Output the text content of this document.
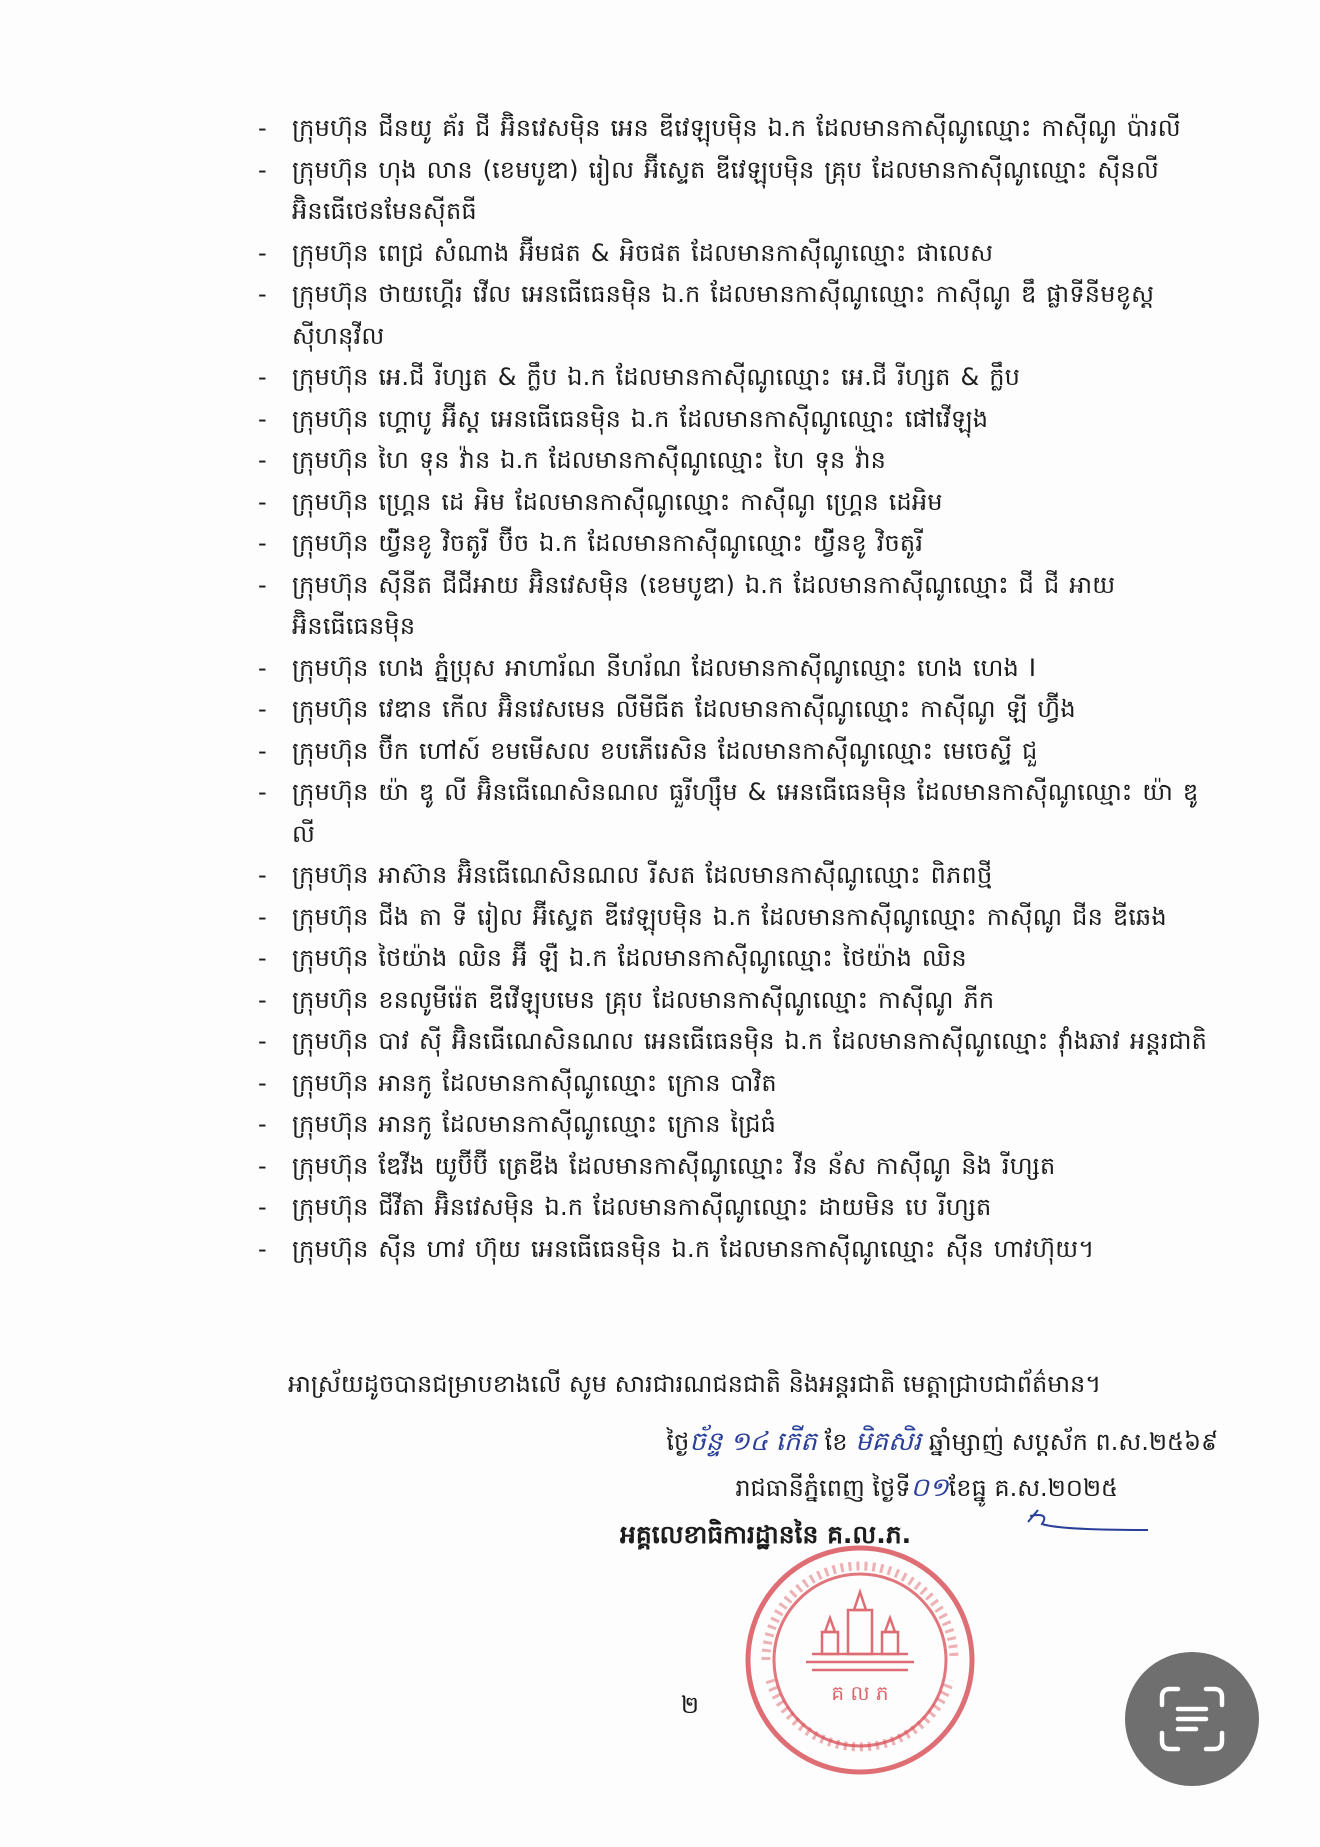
-	ក្រុមហ៊ុន ជីនយូ គ័រ ជី អ៊ិនវេសម៉ិន អេន ឌីវេឡុបម៉ិន ឯ.ក ដែលមានកាស៊ីណូឈ្មោះ កាស៊ីណូ ប៉ារលី
-	ក្រុមហ៊ុន ហុង លាន (ខេមបូឌា) រៀល អ៊ីស្ទេត ឌីវេឡុបម៉ិន គ្រុប ដែលមានកាស៊ីណូឈ្មោះ ស៊ីនលី អ៊ិនធើថេនមែនស៊ីតធី
-	ក្រុមហ៊ុន ពេជ្រ សំណាង អ៊ីមផត & អិចផត ដែលមានកាស៊ីណូឈ្មោះ ផាលេស
-	ក្រុមហ៊ុន ថាយហ្គើរ វើល អេនធើធេនម៉ិន ឯ.ក ដែលមានកាស៊ីណូឈ្មោះ កាស៊ីណូ ឌឹ ផ្លាទីនីមខូស្ត ស៊ីហនុវីល
-	ក្រុមហ៊ុន អេ.ជី រីហ្សត & ក្លឹប ឯ.ក ដែលមានកាស៊ីណូឈ្មោះ អេ.ជី រីហ្សត & ក្លឹប
-	ក្រុមហ៊ុន ហ្គោបូ អ៊ីស្ត អេនធើធេនម៉ិន ឯ.ក ដែលមានកាស៊ីណូឈ្មោះ ផៅវើឡុង
-	ក្រុមហ៊ុន ហៃ ទុន វ៉ាន ឯ.ក ដែលមានកាស៊ីណូឈ្មោះ ហៃ ទុន វ៉ាន
-	ក្រុមហ៊ុន ហ្គ្រេន ដេ អិម ដែលមានកាស៊ីណូឈ្មោះ កាស៊ីណូ ហ្គ្រេន ដេអិម
-	ក្រុមហ៊ុន យ៉្វីនខូ វិចតូរី ប៊ីច ឯ.ក ដែលមានកាស៊ីណូឈ្មោះ យ៉្វីនខូ វិចតូរី
-	ក្រុមហ៊ុន ស៊ីនីត ជីជីអាយ អ៊ិនវេសម៉ិន (ខេមបូឌា) ឯ.ក ដែលមានកាស៊ីណូឈ្មោះ ជី ជី អាយ អ៊ិនធើធេនម៉ិន
-	ក្រុមហ៊ុន ហេង ភ្នំប្រុស អាហារ័ណ នីហរ័ណ ដែលមានកាស៊ីណូឈ្មោះ ហេង ហេង I
-	ក្រុមហ៊ុន វេឌាន កើល អ៊ិនវេសមេន លីមីធីត ដែលមានកាស៊ីណូឈ្មោះ កាស៊ីណូ ឡី ហ្វ៊ីង
-	ក្រុមហ៊ុន ប៊ីក ហៅស៍ ខមមើសល ខបភើរេសិន ដែលមានកាស៊ីណូឈ្មោះ មេចេស្ទី ជួ
-	ក្រុមហ៊ុន យ៉ា ឌូ លី អ៊ិនធើណេសិនណល ធួរីហ្ស៊ឹម & អេនធើធេនម៉ិន ដែលមានកាស៊ីណូឈ្មោះ យ៉ា ឌូ លី
-	ក្រុមហ៊ុន អាស៊ាន អ៊ិនធើណេសិនណល រីសត ដែលមានកាស៊ីណូឈ្មោះ ពិភពថ្មី
-	ក្រុមហ៊ុន ជីង តា ទី រៀល អ៊ីស្ទេត ឌីវេឡុបម៉ិន ឯ.ក ដែលមានកាស៊ីណូឈ្មោះ កាស៊ីណូ ជីន ឌីឆេង
-	ក្រុមហ៊ុន ថៃយ៉ាង ឈិន អ៊ី ឡឺ ឯ.ក ដែលមានកាស៊ីណូឈ្មោះ ថៃយ៉ាង ឈិន
-	ក្រុមហ៊ុន ខនលូមីរ៉េត ឌីវើឡុបមេន គ្រុប ដែលមានកាស៊ីណូឈ្មោះ កាស៊ីណូ ភីក
-	ក្រុមហ៊ុន បាវ ស៊ី អ៊ិនធើណេសិនណល អេនធើធេនម៉ិន ឯ.ក ដែលមានកាស៊ីណូឈ្មោះ វ៉ាំងឆាវ អន្តរជាតិ
-	ក្រុមហ៊ុន អានកូ ដែលមានកាស៊ីណូឈ្មោះ ក្រោន បាវិត
-	ក្រុមហ៊ុន អានកូ ដែលមានកាស៊ីណូឈ្មោះ ក្រោន ជ្រៃធំ
-	ក្រុមហ៊ុន ឌែវីង យូប៊ីប៊ី ត្រេឌីង ដែលមានកាស៊ីណូឈ្មោះ វីន ន័ស កាស៊ីណូ និង រីហ្សត
-	ក្រុមហ៊ុន ជីវីតា អ៊ិនវេសម៉ិន ឯ.ក ដែលមានកាស៊ីណូឈ្មោះ ដាយមិន បេ រីហ្សត
-	ក្រុមហ៊ុន ស៊ីន ហាវ ហ៊ុយ អេនធើធេនម៉ិន ឯ.ក ដែលមានកាស៊ីណូឈ្មោះ ស៊ីន ហាវហ៊ុយ។
អាស្រ័យដូចបានជម្រាបខាងលើ សូម សារជារណជនជាតិ និងអន្តរជាតិ មេត្តាជ្រាបជាព័ត៌មាន។
ថ្ងៃច័ន្ទ ១៤ កើត ខែ មិគសិរ ឆ្នាំម្សាញ់ សប្តស័ក ព.ស.២៥៦៩
រាជធានីភ្នំពេញ ថ្ងៃទី០១ខែធ្នូ គ.ស.២០២៥
អគ្គលេខាធិការដ្ឋាននៃ គ.ល.ភ.
គ ល ភ
២
